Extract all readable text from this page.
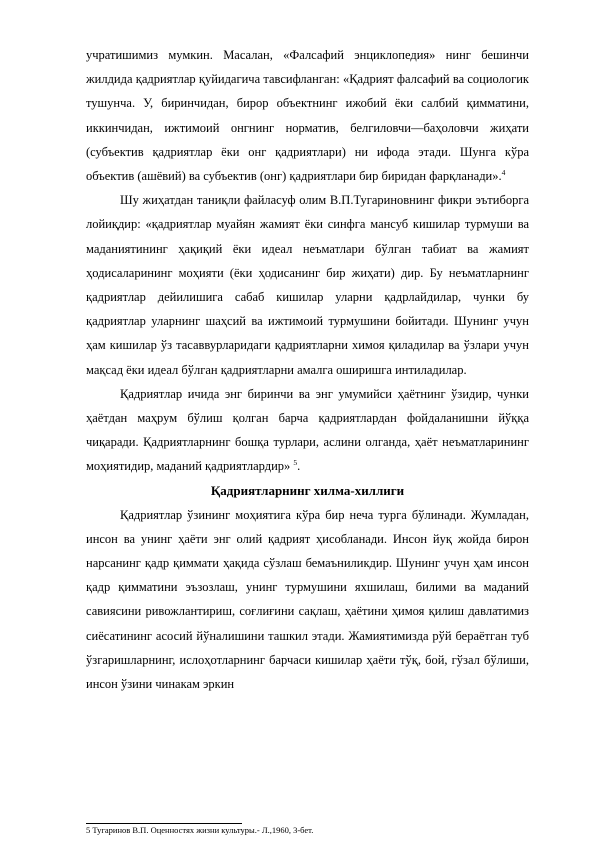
учратишимиз мумкин. Масалан, «Фалсафий энциклопедия» нинг бешинчи жилдида қадриятлар қуйидагича тавсифланган: «Қадрият фалсафий ва социологик тушунча. У, биринчидан, бирор объектнинг ижобий ёки салбий қимматини, иккинчидан, ижтимоий онгнинг норматив, белгиловчи—баҳоловчи жиҳати (субъектив қадриятлар ёки онг қадриятлари) ни ифода этади. Шунга кўра объектив (ашёвий) ва субъектив (онг) қадриятлари бир биридан фарқланади».$^4$

Шу жиҳатдан таниқли файласуф олим В.П.Тугариновнинг фикри эътиборга лойиқдир: «қадриятлар муайян жамият ёки синфга мансуб кишилар турмуши ва маданиятининг ҳақиқий ёки идеал неъматлари бўлган табиат ва жамият ҳодисаларининг моҳияти (ёки ҳодисанинг бир жиҳати) дир. Бу неъматларнинг қадриятлар дейилишига сабаб кишилар уларни қадрлайдилар, чунки бу қадриятлар уларнинг шаҳсий ва ижтимоий турмушини бойитади. Шунинг учун ҳам кишилар ўз тасаввурларидаги қадриятларни химоя қиладилар ва ўзлари учун мақсад ёки идеал бўлган қадриятларни амалга оширишга интиладилар.

Қадриятлар ичида энг биринчи ва энг умумийси ҳаётнинг ўзидир, чунки ҳаётдан маҳрум бўлиш қолган барча қадриятлардан фойдаланишни йўққа чиқаради. Қадриятларнинг бошқа турлари, аслини олганда, ҳаёт неъматларининг моҳиятидир, маданий қадриятлардир» $^5$.

Қадриятларнинг хилма-хиллиги

Қадриятлар ўзининг моҳиятига кўра бир неча турга бўлинади. Жумладан, инсон ва унинг ҳаёти энг олий қадрият ҳисобланади. Инсон йуқ жойда бирон нарсанинг қадр қиммати ҳақида сўзлаш бемаъниликдир. Шунинг учун ҳам инсон қадр қимматини эъзозлаш, унинг турмушини яхшилаш, билими ва маданий савиясини ривожлантириш, соғлиғини сақлаш, ҳаётини ҳимоя қилиш давлатимиз сиёсатининг асосий йўналишини ташкил этади. Жамиятимизда рўй бераётган туб ўзгаришларнинг, ислоҳотларнинг барчаси кишилар ҳаёти тўқ, бой, гўзал бўлиши, инсон ўзини чинакам эркин

5 Тугаринов В.П. Оценностях жизни культуры.- Л.,1960, 3-бет.
